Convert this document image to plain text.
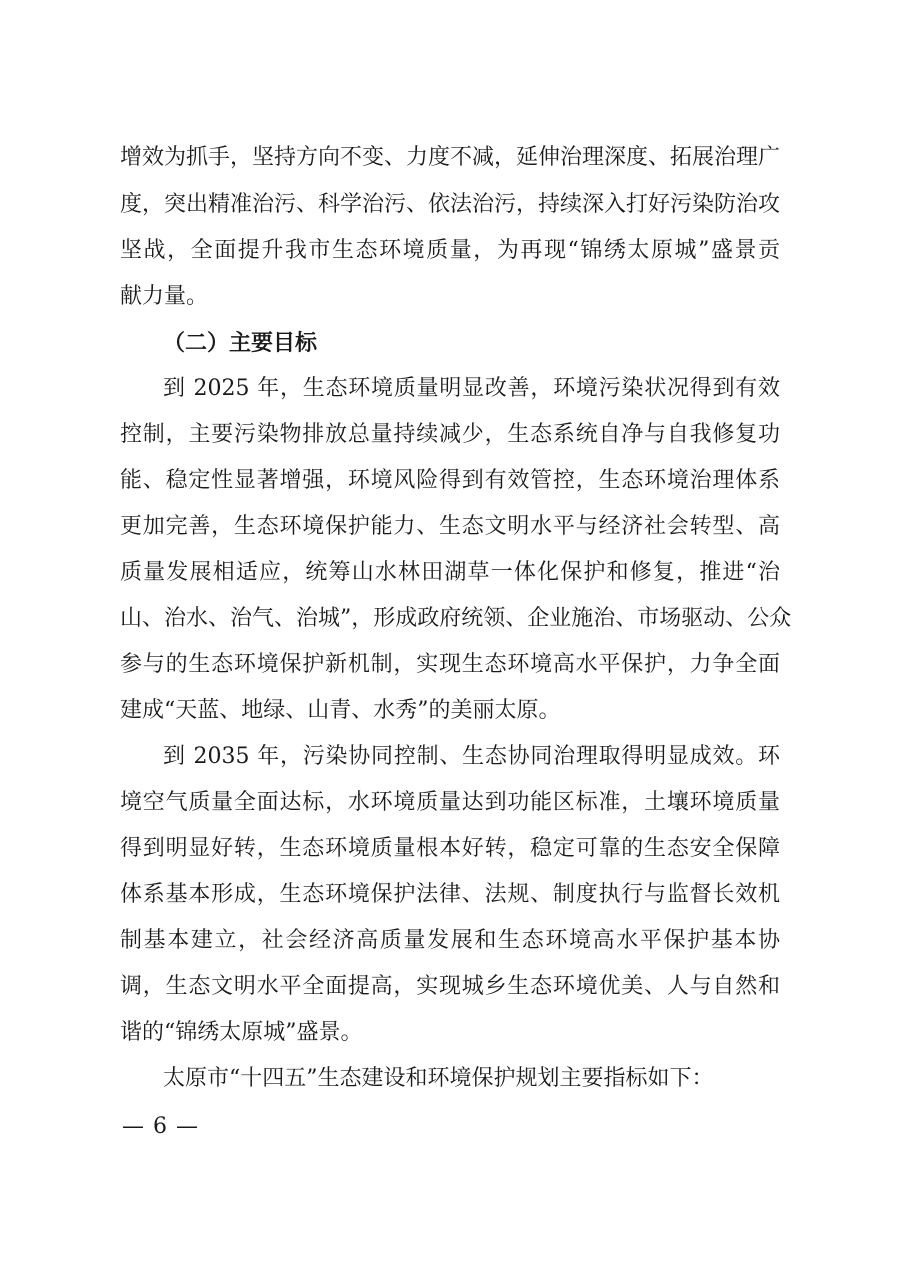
增效为抓手，坚持方向不变、力度不减，延伸治理深度、拓展治理广
度，突出精准治污、科学治污、依法治污，持续深入打好污染防治攻
坚战，全面提升我市生态环境质量，为再现“锦绣太原城”盛景贡
献力量。
（二）主要目标
到 2025 年，生态环境质量明显改善，环境污染状况得到有效
控制，主要污染物排放总量持续减少，生态系统自净与自我修复功
能、稳定性显著增强，环境风险得到有效管控，生态环境治理体系
更加完善，生态环境保护能力、生态文明水平与经济社会转型、高
质量发展相适应，统筹山水林田湖草一体化保护和修复，推进“治
山、治水、治气、治城”，形成政府统领、企业施治、市场驱动、公众
参与的生态环境保护新机制，实现生态环境高水平保护，力争全面
建成“天蓝、地绿、山青、水秀”的美丽太原。
到 2035 年，污染协同控制、生态协同治理取得明显成效。环
境空气质量全面达标，水环境质量达到功能区标准，土壤环境质量
得到明显好转，生态环境质量根本好转，稳定可靠的生态安全保障
体系基本形成，生态环境保护法律、法规、制度执行与监督长效机
制基本建立，社会经济高质量发展和生态环境高水平保护基本协
调，生态文明水平全面提高，实现城乡生态环境优美、人与自然和
谐的“锦绣太原城”盛景。
太原市“十四五”生态建设和环境保护规划主要指标如下：
— 6 —
